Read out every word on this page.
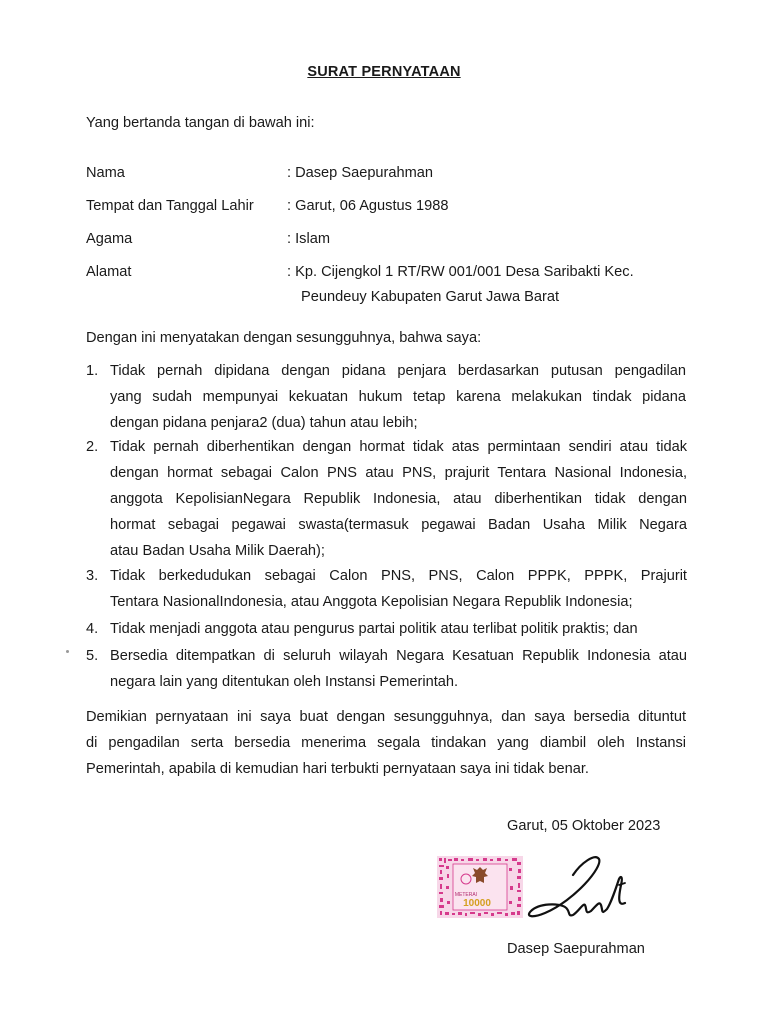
SURAT PERNYATAAN
Yang bertanda tangan di bawah ini:
Nama	: Dasep Saepurahman
Tempat dan Tanggal Lahir : Garut, 06 Agustus 1988
Agama	: Islam
Alamat	: Kp. Cijengkol 1 RT/RW 001/001 Desa Saribakti Kec.
Peundeuy Kabupaten Garut Jawa Barat
Dengan ini menyatakan dengan sesungguhnya, bahwa saya:
1. Tidak pernah dipidana dengan pidana penjara berdasarkan putusan pengadilan
yang sudah mempunyai kekuatan hukum tetap karena melakukan tindak pidana
dengan pidana penjara2 (dua) tahun atau lebih;
2. Tidak pernah diberhentikan dengan hormat tidak atas permintaan sendiri atau tidak
dengan hormat sebagai Calon PNS atau PNS, prajurit Tentara Nasional Indonesia,
anggota KepolisianNegara Republik Indonesia, atau diberhentikan tidak dengan
hormat sebagai pegawai swasta(termasuk pegawai Badan Usaha Milik Negara
atau Badan Usaha Milik Daerah);
3. Tidak berkedudukan sebagai Calon PNS, PNS, Calon PPPK, PPPK, Prajurit
Tentara NasionalIndonesia, atau Anggota Kepolisian Negara Republik Indonesia;
4. Tidak menjadi anggota atau pengurus partai politik atau terlibat politik praktis; dan
5. Bersedia ditempatkan di seluruh wilayah Negara Kesatuan Republik Indonesia atau
negara lain yang ditentukan oleh Instansi Pemerintah.
Demikian pernyataan ini saya buat dengan sesungguhnya, dan saya bersedia dituntut
di pengadilan serta bersedia menerima segala tindakan yang diambil oleh Instansi
Pemerintah, apabila di kemudian hari terbukti pernyataan saya ini tidak benar.
Garut, 05 Oktober 2023
METERAI
10000
Dasep Saepurahman
